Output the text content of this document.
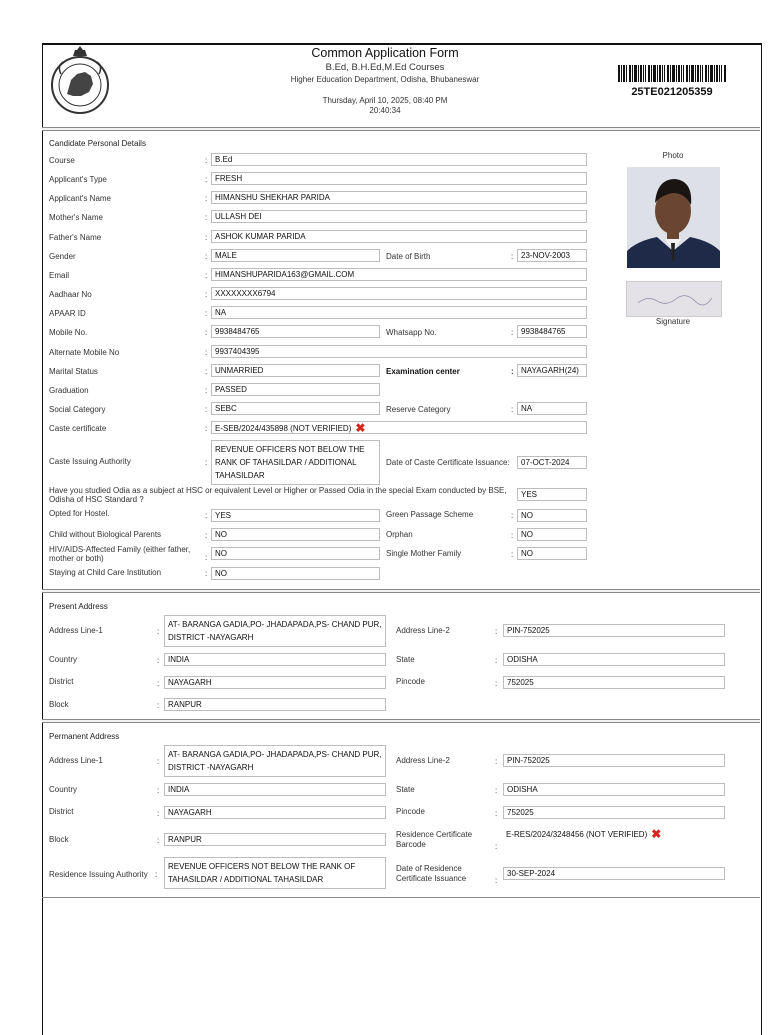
Common Application Form
B.Ed, B.H.Ed,M.Ed Courses
Higher Education Department, Odisha, Bhubaneswar
Thursday, April 10, 2025, 08:40 PM
20:40:34
25TE021205359
Candidate Personal Details
Photo
Signature
Course	: B.Ed
Applicant's Type	: FRESH
Applicant's Name	: HIMANSHU SHEKHAR PARIDA
Mother's Name	: ULLASH DEI
Father's Name	: ASHOK KUMAR PARIDA
Gender	: MALE	Date of Birth	: 23-NOV-2003
Email	: HIMANSHUPARIDA163@GMAIL.COM
Aadhaar No	: XXXXXXXX6794
APAAR ID	: NA
Mobile No.	: 9938484765	Whatsapp No.	: 9938484765
Alternate Mobile No	: 9937404395
Marital Status	: UNMARRIED	Examination center	: NAYAGARH(24)
Graduation	: PASSED
Social Category	: SEBC	Reserve Category	: NA
Caste certificate	: E-SEB/2024/435898 (NOT VERIFIED) ✖
Caste Issuing Authority	:
REVENUE OFFICERS NOT BELOW THE RANK OF TAHASILDAR / ADDITIONAL TAHASILDAR
Date of Caste Certificate Issuance:	07-OCT-2024
Have you studied Odia as a subject at HSC or equivalent Level or Higher or Passed Odia in the special Exam conducted by BSE,
Odisha of HSC Standard ?
YES
Opted for Hostel.	: YES	Green Passage Scheme	: NO
Child without Biological Parents	: NO	Orphan	: NO
HIV/AIDS-Affected Family (either father,
mother or both)	: NO	Single Mother Family	: NO
Staying at Child Care Institution	: NO
Present Address
Address Line-1	:
AT- BARANGA GADIA,PO- JHADAPADA,PS- CHAND PUR, DISTRICT -NAYAGARH
Address Line-2	:	PIN-752025
Country	:	INDIA	State	:	ODISHA
District	:	NAYAGARH	Pincode	:	752025
Block	:	RANPUR
Permanent Address
Address Line-1	:
AT- BARANGA GADIA,PO- JHADAPADA,PS- CHAND PUR, DISTRICT -NAYAGARH
Address Line-2	:	PIN-752025
Country	:	INDIA	State	:	ODISHA
District	:	NAYAGARH	Pincode	:	752025
Block	:	RANPUR
Residence Certificate
Barcode	:
E-RES/2024/3248456 (NOT VERIFIED) ✖
Residence Issuing Authority :
REVENUE OFFICERS NOT BELOW THE RANK OF TAHASILDAR / ADDITIONAL TAHASILDAR
Date of Residence
Certificate Issuance	:
30-SEP-2024
